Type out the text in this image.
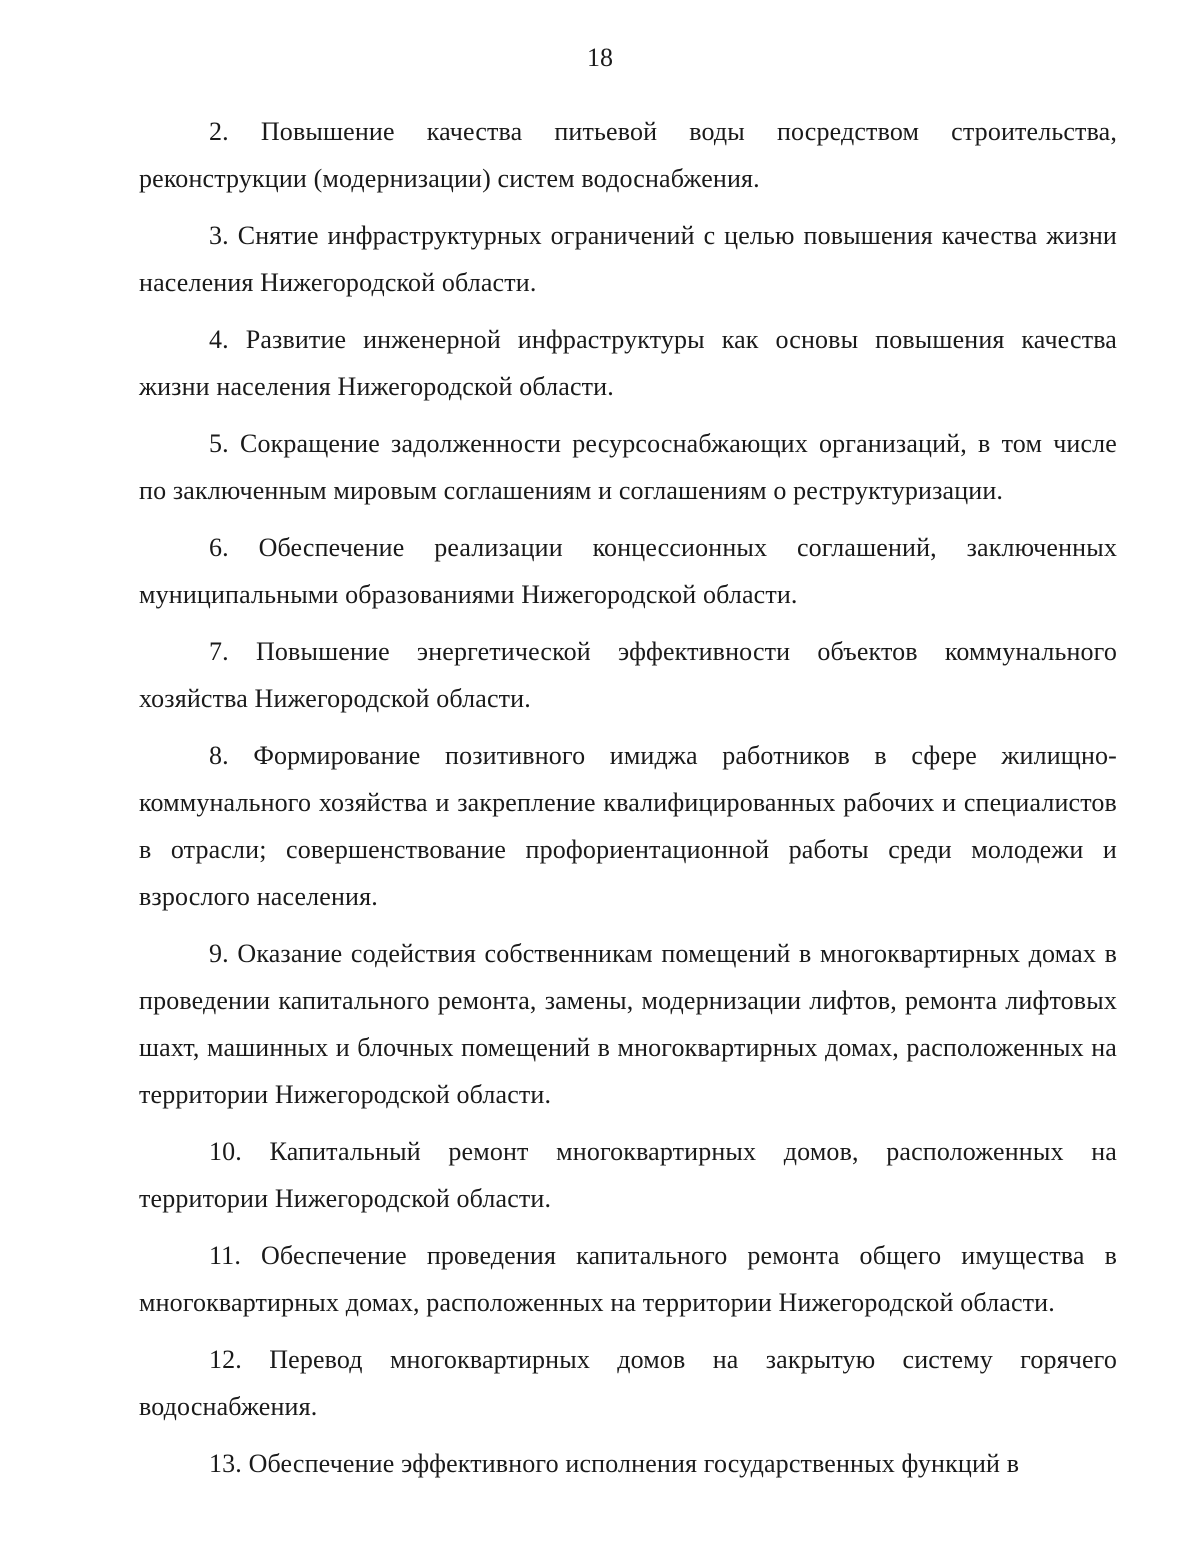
18

2. Повышение качества питьевой воды посредством строительства, реконструкции (модернизации) систем водоснабжения.

3. Снятие инфраструктурных ограничений с целью повышения качества жизни населения Нижегородской области.

4. Развитие инженерной инфраструктуры как основы повышения качества жизни населения Нижегородской области.

5. Сокращение задолженности ресурсоснабжающих организаций, в том числе по заключенным мировым соглашениям и соглашениям о реструктуризации.

6. Обеспечение реализации концессионных соглашений, заключенных муниципальными образованиями Нижегородской области.

7. Повышение энергетической эффективности объектов коммунального хозяйства Нижегородской области.

8. Формирование позитивного имиджа работников в сфере жилищно-коммунального хозяйства и закрепление квалифицированных рабочих и специалистов в отрасли; совершенствование профориентационной работы среди молодежи и взрослого населения.

9. Оказание содействия собственникам помещений в многоквартирных домах в проведении капитального ремонта, замены, модернизации лифтов, ремонта лифтовых шахт, машинных и блочных помещений в многоквартирных домах, расположенных на территории Нижегородской области.

10. Капитальный ремонт многоквартирных домов, расположенных на территории Нижегородской области.

11. Обеспечение проведения капитального ремонта общего имущества в многоквартирных домах, расположенных на территории Нижегородской области.

12. Перевод многоквартирных домов на закрытую систему горячего водоснабжения.

13. Обеспечение эффективного исполнения государственных функций в
